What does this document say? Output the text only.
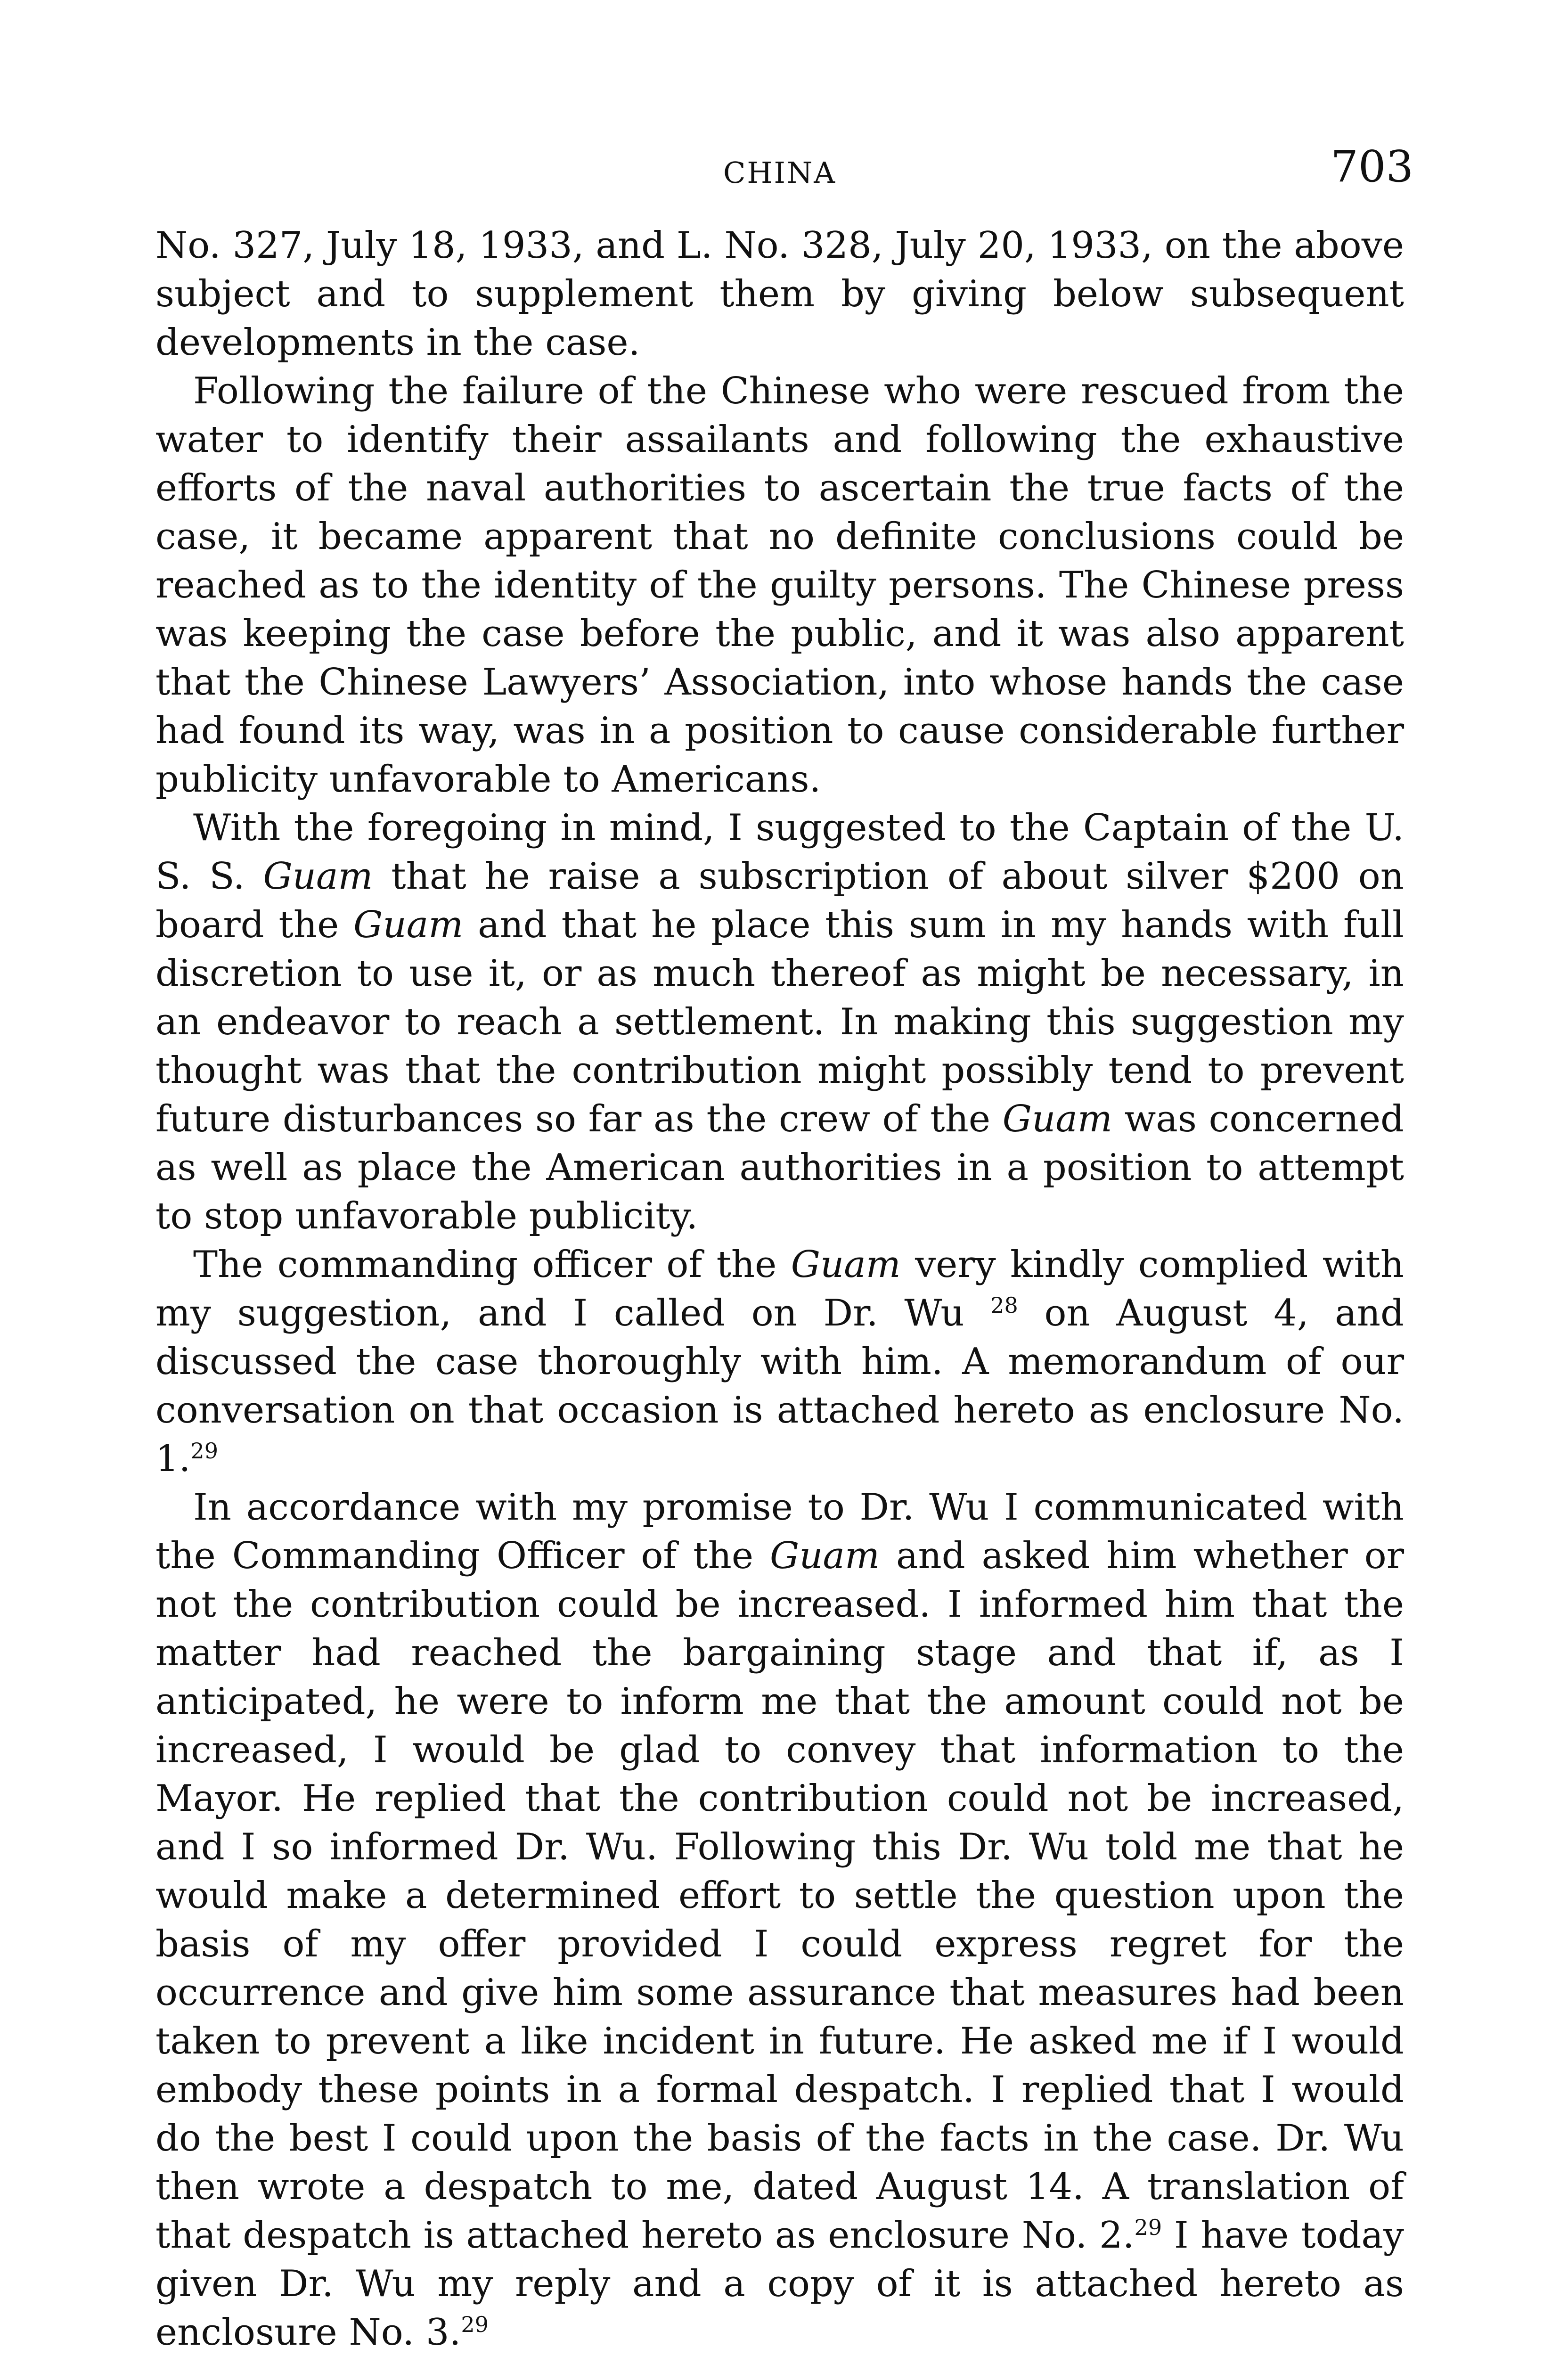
CHINA	703

No. 327, July 18, 1933, and L. No. 328, July 20, 1933, on the above subject and to supplement them by giving below subsequent developments in the case.

Following the failure of the Chinese who were rescued from the water to identify their assailants and following the exhaustive efforts of the naval authorities to ascertain the true facts of the case, it became apparent that no definite conclusions could be reached as to the identity of the guilty persons. The Chinese press was keeping the case before the public, and it was also apparent that the Chinese Lawyers’ Association, into whose hands the case had found its way, was in a position to cause considerable further publicity unfavorable to Americans.

With the foregoing in mind, I suggested to the Captain of the U. S. S. Guam that he raise a subscription of about silver $200 on board the Guam and that he place this sum in my hands with full discretion to use it, or as much thereof as might be necessary, in an endeavor to reach a settlement. In making this suggestion my thought was that the contribution might possibly tend to prevent future disturbances so far as the crew of the Guam was concerned as well as place the American authorities in a position to attempt to stop unfavorable publicity.

The commanding officer of the Guam very kindly complied with my suggestion, and I called on Dr. Wu $^{28}$ on August 4, and discussed the case thoroughly with him. A memorandum of our conversation on that occasion is attached hereto as enclosure No. 1.29

In accordance with my promise to Dr. Wu I communicated with the Commanding Officer of the Guam and asked him whether or not the contribution could be increased. I informed him that the matter had reached the bargaining stage and that if, as I anticipated, he were to inform me that the amount could not be increased, I would be glad to convey that information to the Mayor. He replied that the contribution could not be increased, and I so informed Dr. Wu. Following this Dr. Wu told me that he would make a determined effort to settle the question upon the basis of my offer provided I could express regret for the occurrence and give him some assurance that measures had been taken to prevent a like incident in future. He asked me if I would embody these points in a formal despatch. I replied that I would do the best I could upon the basis of the facts in the case. Dr. Wu then wrote a despatch to me, dated August 14. A translation of that despatch is attached hereto as enclosure No. 2.29 I have today given Dr. Wu my reply and a copy of it is attached hereto as enclosure No. 3.29
